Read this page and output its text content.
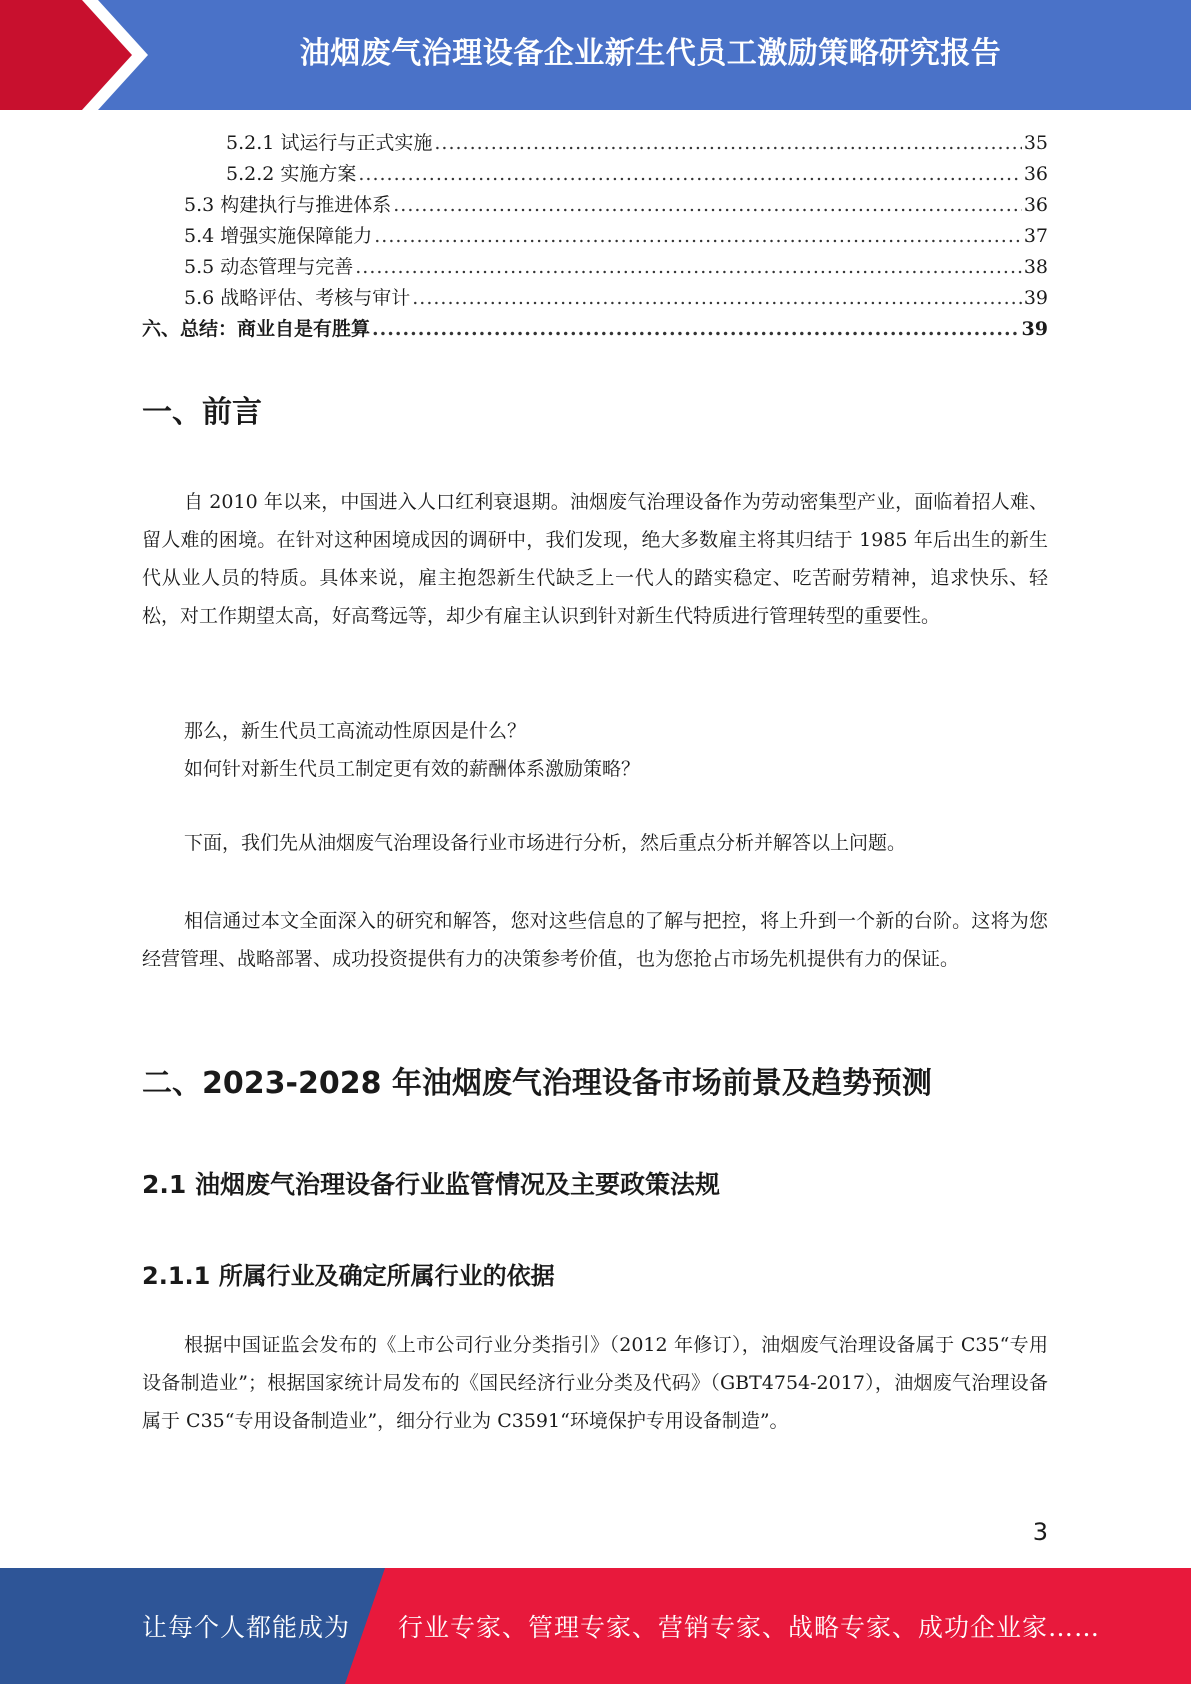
油烟废气治理设备企业新生代员工激励策略研究报告
5.2.1 试运行与正式实施 .....	35
5.2.2 实施方案 .....	36
5.3 构建执行与推进体系 .....	36
5.4 增强实施保障能力 .....	37
5.5 动态管理与完善 .....	38
5.6 战略评估、考核与审计 .....	39
六、总结：商业自是有胜算 .....	39
一、前言

自 2010 年以来，中国进入人口红利衰退期。油烟废气治理设备作为劳动密集型产业，面临着招人难、留人难的困境。在针对这种困境成因的调研中，我们发现，绝大多数雇主将其归结于 1985 年后出生的新生代从业人员的特质。具体来说，雇主抱怨新生代缺乏上一代人的踏实稳定、吃苦耐劳精神，追求快乐、轻松，对工作期望太高，好高骛远等，却少有雇主认识到针对新生代特质进行管理转型的重要性。

那么，新生代员工高流动性原因是什么？

如何针对新生代员工制定更有效的薪酬体系激励策略？

下面，我们先从油烟废气治理设备行业市场进行分析，然后重点分析并解答以上问题。

相信通过本文全面深入的研究和解答，您对这些信息的了解与把控，将上升到一个新的台阶。这将为您经营管理、战略部署、成功投资提供有力的决策参考价值，也为您抢占市场先机提供有力的保证。

二、2023-2028 年油烟废气治理设备市场前景及趋势预测
2.1 油烟废气治理设备行业监管情况及主要政策法规
2.1.1 所属行业及确定所属行业的依据

根据中国证监会发布的《上市公司行业分类指引》（2012 年修订），油烟废气治理设备属于 C35“专用设备制造业”；根据国家统计局发布的《国民经济行业分类及代码》（GBT4754-2017），油烟废气治理设备属于 C35“专用设备制造业”，细分行业为 C3591“环境保护专用设备制造”。

3
让每个人都能成为 行业专家、管理专家、营销专家、战略专家、成功企业家……
